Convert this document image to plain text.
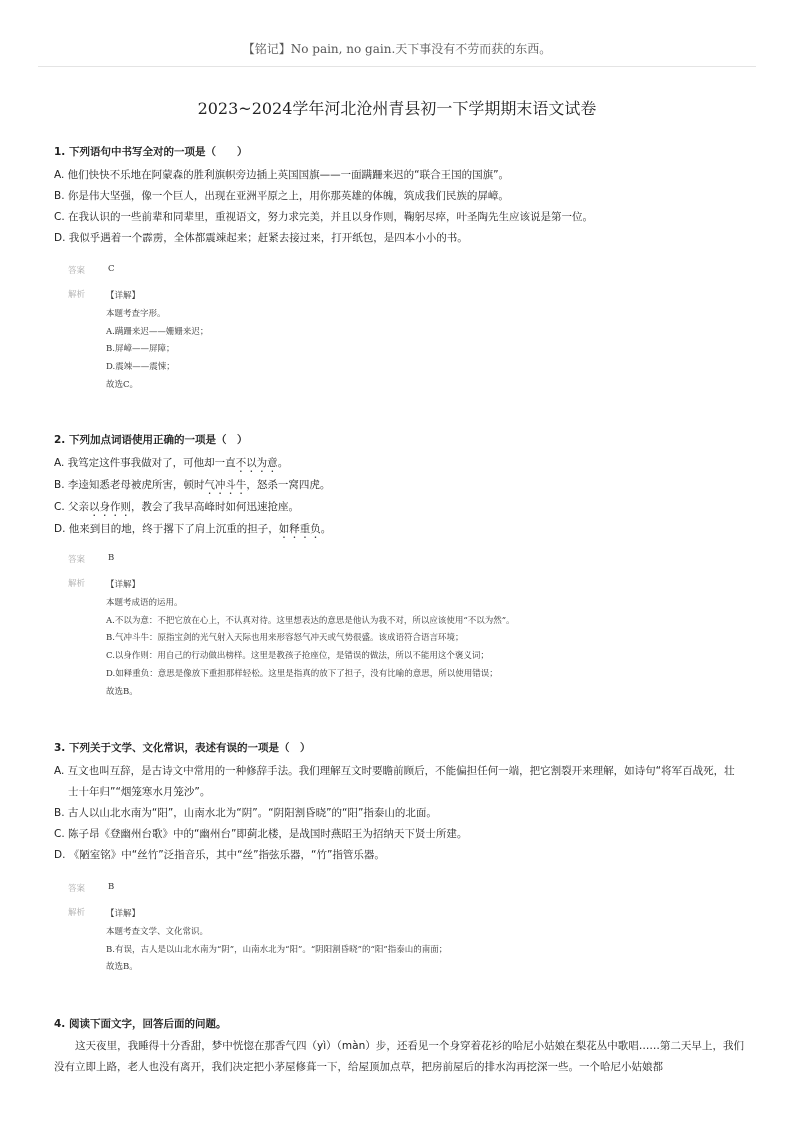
【铭记】No pain, no gain.天下事没有不劳而获的东西。
2023~2024学年河北沧州青县初一下学期期末语文试卷
1. 下列语句中书写全对的一项是（　　）
A. 他们快快不乐地在阿蒙森的胜利旗帜旁边插上英国国旗——一面蹒跚来迟的“联合王国的国旗”。
B. 你是伟大坚强，像一个巨人，出现在亚洲平原之上，用你那英雄的体魄，筑成我们民族的屏嶂。
C. 在我认识的一些前辈和同辈里，重视语文，努力求完美，并且以身作则，鞠躬尽瘁，叶圣陶先生应该说是第一位。
D. 我似乎遇着一个霹雳，全体都震竦起来；赶紧去接过来，打开纸包，是四本小小的书。
答案	C
解析 【详解】
本题考查字形。
A.蹒跚来迟——姗姗来迟；
B.屏嶂——屏障；
D.震竦——震悚；
故选C。
2. 下列加点词语使用正确的一项是（　）
A. 我笃定这件事我做对了，可他却一直不以为意。
B. 李逵知悉老母被虎所害，顿时气冲斗牛，怒杀一窝四虎。
C. 父亲以身作则，教会了我早高峰时如何迅速抢座。
D. 他来到目的地，终于撂下了肩上沉重的担子，如释重负。
答案	B
解析 【详解】
本题考成语的运用。
A.不以为意：不把它放在心上，不认真对待。这里想表达的意思是他认为我不对，所以应该使用“不以为然”。
B.气冲斗牛：原指宝剑的光气射入天际也用来形容怒气冲天或气势很盛。该成语符合语言环境；
C.以身作则：用自己的行动做出榜样。这里是教孩子抢座位，是错误的做法，所以不能用这个褒义词；
D.如释重负：意思是像放下重担那样轻松。这里是指真的放下了担子，没有比喻的意思，所以使用错误；
故选B。
3. 下列关于文学、文化常识，表述有误的一项是（　）
A. 互文也叫互辞，是古诗文中常用的一种修辞手法。我们理解互文时要瞻前顾后，不能偏担任何一端，把它割裂开来理解，如诗句“将军百战死，壮士十年归”“烟笼寒水月笼沙”。
B. 古人以山北水南为“阳”，山南水北为“阴”。“阴阳割昏晓”的“阳”指泰山的北面。
C. 陈子昂《登幽州台歌》中的“幽州台”即蓟北楼，是战国时燕昭王为招纳天下贤士所建。
D. 《陋室铭》中“丝竹”泛指音乐，其中“丝”指弦乐器，“竹”指管乐器。
答案	B
解析 【详解】
本题考查文学、文化常识。
B.有误，古人是以山北水南为“阴”，山南水北为“阳”。“阴阳割昏晓”的“阳”指泰山的南面；
故选B。
4. 阅读下面文字，回答后面的问题。
这天夜里，我睡得十分香甜，梦中恍惚在那香气四（yì）（màn）步，还看见一个身穿着花衫的哈尼小姑娘在梨花丛中歌唱……第二天早上，我们没有立即上路，老人也没有离开，我们决定把小茅屋修葺一下，给屋顶加点草，把房前屋后的排水沟再挖深一些。一个哈尼小姑娘都
